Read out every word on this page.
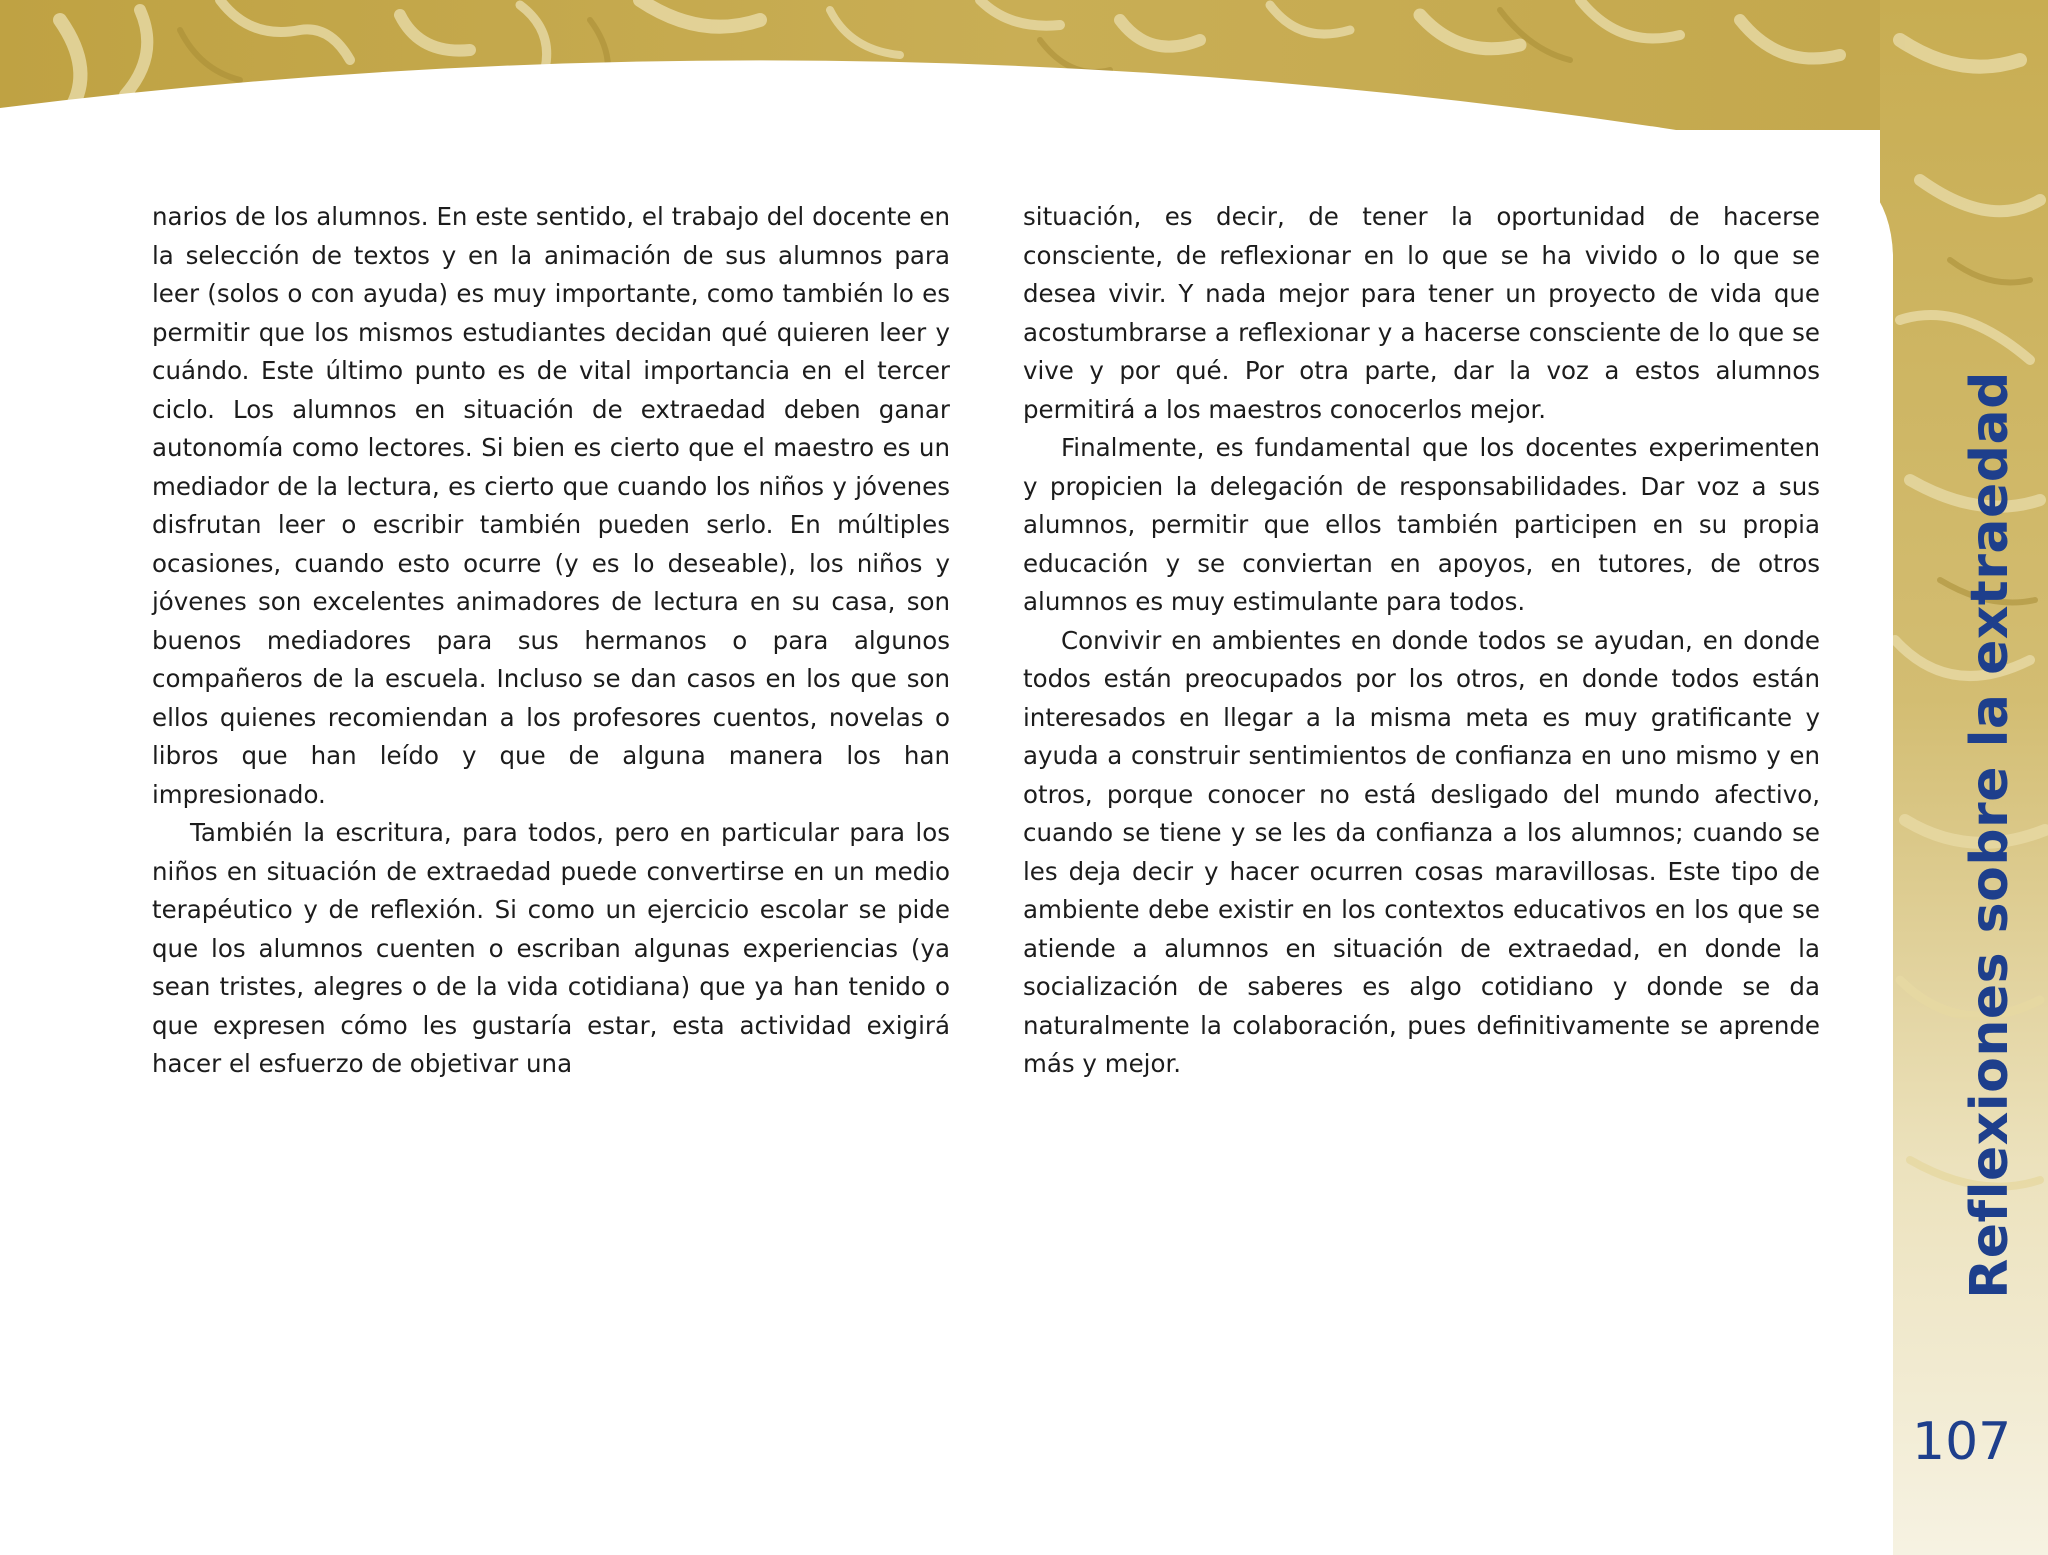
narios de los alumnos. En este sentido, el trabajo del docente en la selección de textos y en la animación de sus alumnos para leer (solos o con ayuda) es muy importante, como también lo es permitir que los mismos estudiantes decidan qué quieren leer y cuándo. Este último punto es de vital importancia en el tercer ciclo. Los alumnos en situación de extraedad deben ganar autonomía como lectores. Si bien es cierto que el maestro es un mediador de la lectura, es cierto que cuando los niños y jóvenes disfrutan leer o escribir también pueden serlo. En múltiples ocasiones, cuando esto ocurre (y es lo deseable), los niños y jóvenes son excelentes animadores de lectura en su casa, son buenos mediadores para sus hermanos o para algunos compañeros de la escuela. Incluso se dan casos en los que son ellos quienes recomiendan a los profesores cuentos, novelas o libros que han leído y que de alguna manera los han impresionado.

También la escritura, para todos, pero en particular para los niños en situación de extraedad puede convertirse en un medio terapéutico y de reflexión. Si como un ejercicio escolar se pide que los alumnos cuenten o escriban algunas experiencias (ya sean tristes, alegres o de la vida cotidiana) que ya han tenido o que expresen cómo les gustaría estar, esta actividad exigirá hacer el esfuerzo de objetivar una

situación, es decir, de tener la oportunidad de hacerse consciente, de reflexionar en lo que se ha vivido o lo que se desea vivir. Y nada mejor para tener un proyecto de vida que acostumbrarse a reflexionar y a hacerse consciente de lo que se vive y por qué. Por otra parte, dar la voz a estos alumnos permitirá a los maestros conocerlos mejor.

Finalmente, es fundamental que los docentes experimenten y propicien la delegación de responsabilidades. Dar voz a sus alumnos, permitir que ellos también participen en su propia educación y se conviertan en apoyos, en tutores, de otros alumnos es muy estimulante para todos.

Convivir en ambientes en donde todos se ayudan, en donde todos están preocupados por los otros, en donde todos están interesados en llegar a la misma meta es muy gratificante y ayuda a construir sentimientos de confianza en uno mismo y en otros, porque conocer no está desligado del mundo afectivo, cuando se tiene y se les da confianza a los alumnos; cuando se les deja decir y hacer ocurren cosas maravillosas. Este tipo de ambiente debe existir en los contextos educativos en los que se atiende a alumnos en situación de extraedad, en donde la socialización de saberes es algo cotidiano y donde se da naturalmente la colaboración, pues definitivamente se aprende más y mejor.	Reflexiones sobre la extraedad
107
